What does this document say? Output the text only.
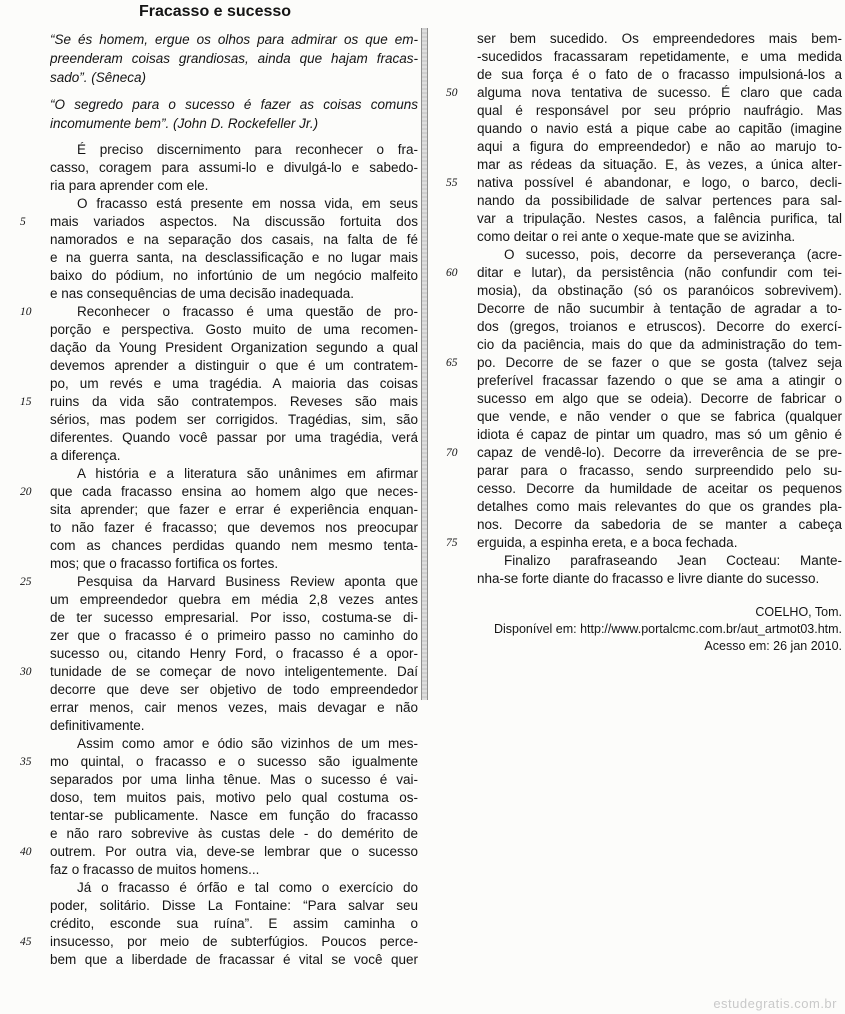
Fracasso e sucesso
“Se és homem, ergue os olhos para admirar os que em-
preenderam coisas grandiosas, ainda que hajam fracas-
sado”. (Sêneca)
“O segredo para o sucesso é fazer as coisas comuns
incomumente bem”. (John D. Rockefeller Jr.)
É preciso discernimento para reconhecer o fra-
casso, coragem para assumi-lo e divulgá-lo e sabedo-
ria para aprender com ele.
O fracasso está presente em nossa vida, em seus
5	mais variados aspectos. Na discussão fortuita dos
namorados e na separação dos casais, na falta de fé
e na guerra santa, na desclassificação e no lugar mais
baixo do pódium, no infortúnio de um negócio malfeito
e nas consequências de uma decisão inadequada.
10	Reconhecer o fracasso é uma questão de pro-
porção e perspectiva. Gosto muito de uma recomen-
dação da Young President Organization segundo a qual
devemos aprender a distinguir o que é um contratem-
po, um revés e uma tragédia. A maioria das coisas
15	ruins da vida são contratempos. Reveses são mais
sérios, mas podem ser corrigidos. Tragédias, sim, são
diferentes. Quando você passar por uma tragédia, verá
a diferença.
A história e a literatura são unânimes em afirmar
20	que cada fracasso ensina ao homem algo que neces-
sita aprender; que fazer e errar é experiência enquan-
to não fazer é fracasso; que devemos nos preocupar
com as chances perdidas quando nem mesmo tenta-
mos; que o fracasso fortifica os fortes.
25	Pesquisa da Harvard Business Review aponta que
um empreendedor quebra em média 2,8 vezes antes
de ter sucesso empresarial. Por isso, costuma-se di-
zer que o fracasso é o primeiro passo no caminho do
sucesso ou, citando Henry Ford, o fracasso é a opor-
30	tunidade de se começar de novo inteligentemente. Daí
decorre que deve ser objetivo de todo empreendedor
errar menos, cair menos vezes, mais devagar e não
definitivamente.
Assim como amor e ódio são vizinhos de um mes-
35	mo quintal, o fracasso e o sucesso são igualmente
separados por uma linha tênue. Mas o sucesso é vai-
doso, tem muitos pais, motivo pelo qual costuma os-
tentar-se publicamente. Nasce em função do fracasso
e não raro sobrevive às custas dele - do demérito de
40	outrem. Por outra via, deve-se lembrar que o sucesso
faz o fracasso de muitos homens...
Já o fracasso é órfão e tal como o exercício do
poder, solitário. Disse La Fontaine: “Para salvar seu
crédito, esconde sua ruína”. E assim caminha o
45	insucesso, por meio de subterfúgios. Poucos perce-
bem que a liberdade de fracassar é vital se você quer
ser bem sucedido. Os empreendedores mais bem-
-sucedidos fracassaram repetidamente, e uma medida
de sua força é o fato de o fracasso impulsioná-los a
50	alguma nova tentativa de sucesso. É claro que cada
qual é responsável por seu próprio naufrágio. Mas
quando o navio está a pique cabe ao capitão (imagine
aqui a figura do empreendedor) e não ao marujo to-
mar as rédeas da situação. E, às vezes, a única alter-
55	nativa possível é abandonar, e logo, o barco, decli-
nando da possibilidade de salvar pertences para sal-
var a tripulação. Nestes casos, a falência purifica, tal
como deitar o rei ante o xeque-mate que se avizinha.
O sucesso, pois, decorre da perseverança (acre-
60	ditar e lutar), da persistência (não confundir com tei-
mosia), da obstinação (só os paranóicos sobrevivem).
Decorre de não sucumbir à tentação de agradar a to-
dos (gregos, troianos e etruscos). Decorre do exercí-
cio da paciência, mais do que da administração do tem-
65	po. Decorre de se fazer o que se gosta (talvez seja
preferível fracassar fazendo o que se ama a atingir o
sucesso em algo que se odeia). Decorre de fabricar o
que vende, e não vender o que se fabrica (qualquer
idiota é capaz de pintar um quadro, mas só um gênio é
70	capaz de vendê-lo). Decorre da irreverência de se pre-
parar para o fracasso, sendo surpreendido pelo su-
cesso. Decorre da humildade de aceitar os pequenos
detalhes como mais relevantes do que os grandes pla-
nos. Decorre da sabedoria de se manter a cabeça
75	erguida, a espinha ereta, e a boca fechada.
Finalizo parafraseando Jean Cocteau: Mante-
nha-se forte diante do fracasso e livre diante do sucesso.
COELHO, Tom.
Disponível em: http://www.portalcmc.com.br/aut_artmot03.htm.
Acesso em: 26 jan 2010.
estudegratis.com.br
